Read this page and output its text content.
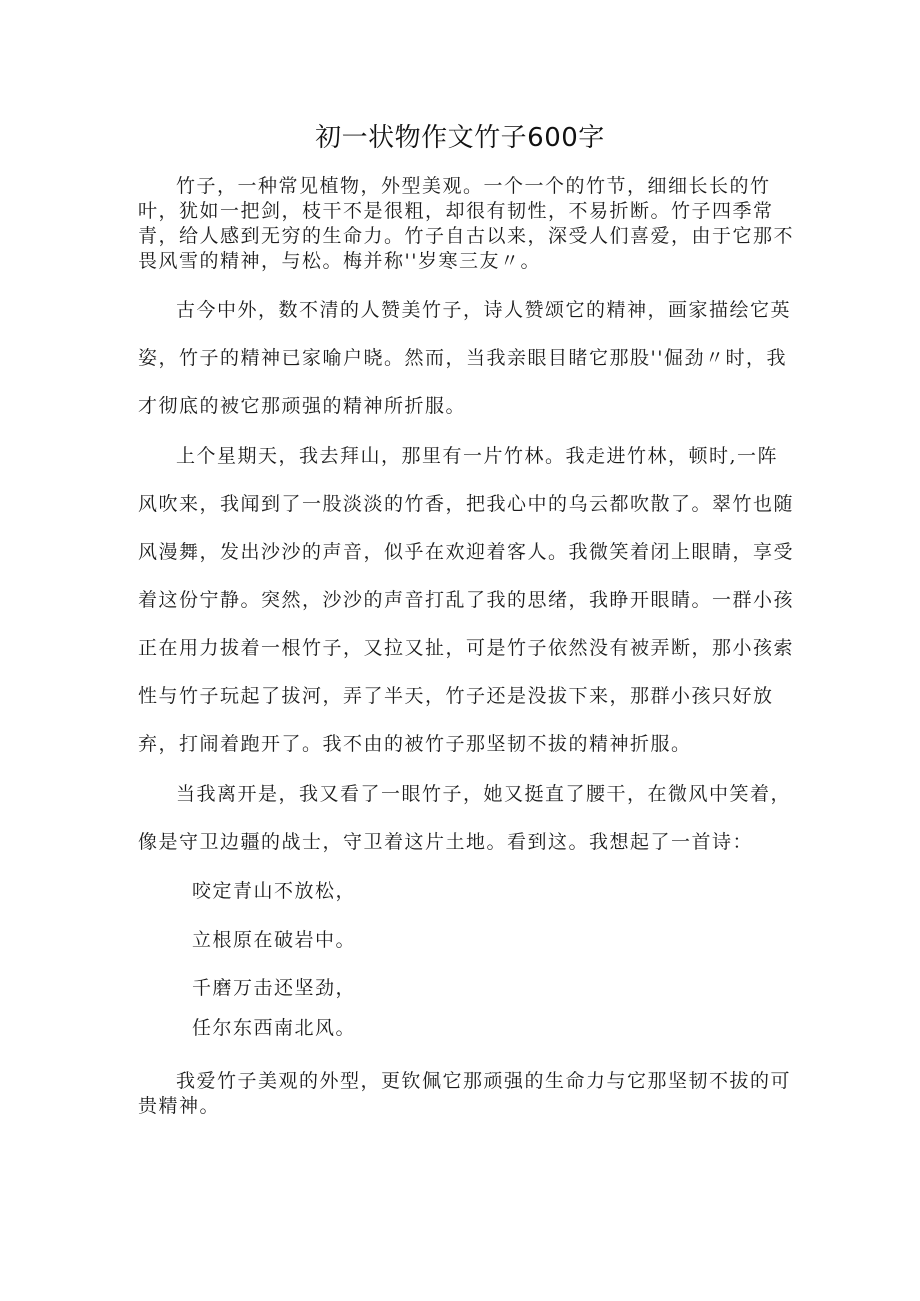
初一状物作文竹子600字

竹子，一种常见植物，外型美观。一个一个的竹节，细细长长的竹叶，犹如一把剑，枝干不是很粗，却很有韧性，不易折断。竹子四季常青，给人感到无穷的生命力。竹子自古以来，深受人们喜爱，由于它那不畏风雪的精神，与松。梅并称''岁寒三友〃。

古今中外，数不清的人赞美竹子，诗人赞颂它的精神，画家描绘它英姿，竹子的精神已家喻户晓。然而，当我亲眼目睹它那股''倔劲〃时，我才彻底的被它那顽强的精神所折服。

上个星期天，我去拜山，那里有一片竹林。我走进竹林，顿时,一阵风吹来，我闻到了一股淡淡的竹香，把我心中的乌云都吹散了。翠竹也随风漫舞，发出沙沙的声音，似乎在欢迎着客人。我微笑着闭上眼睛，享受着这份宁静。突然，沙沙的声音打乱了我的思绪，我睁开眼睛。一群小孩正在用力拔着一根竹子，又拉又扯，可是竹子依然没有被弄断，那小孩索性与竹子玩起了拔河，弄了半天，竹子还是没拔下来，那群小孩只好放弃，打闹着跑开了。我不由的被竹子那坚韧不拔的精神折服。

当我离开是，我又看了一眼竹子，她又挺直了腰干，在微风中笑着，像是守卫边疆的战士，守卫着这片土地。看到这。我想起了一首诗：

咬定青山不放松，

立根原在破岩中。

千磨万击还坚劲，

任尔东西南北风。

我爱竹子美观的外型，更钦佩它那顽强的生命力与它那坚韧不拔的可贵精神。
